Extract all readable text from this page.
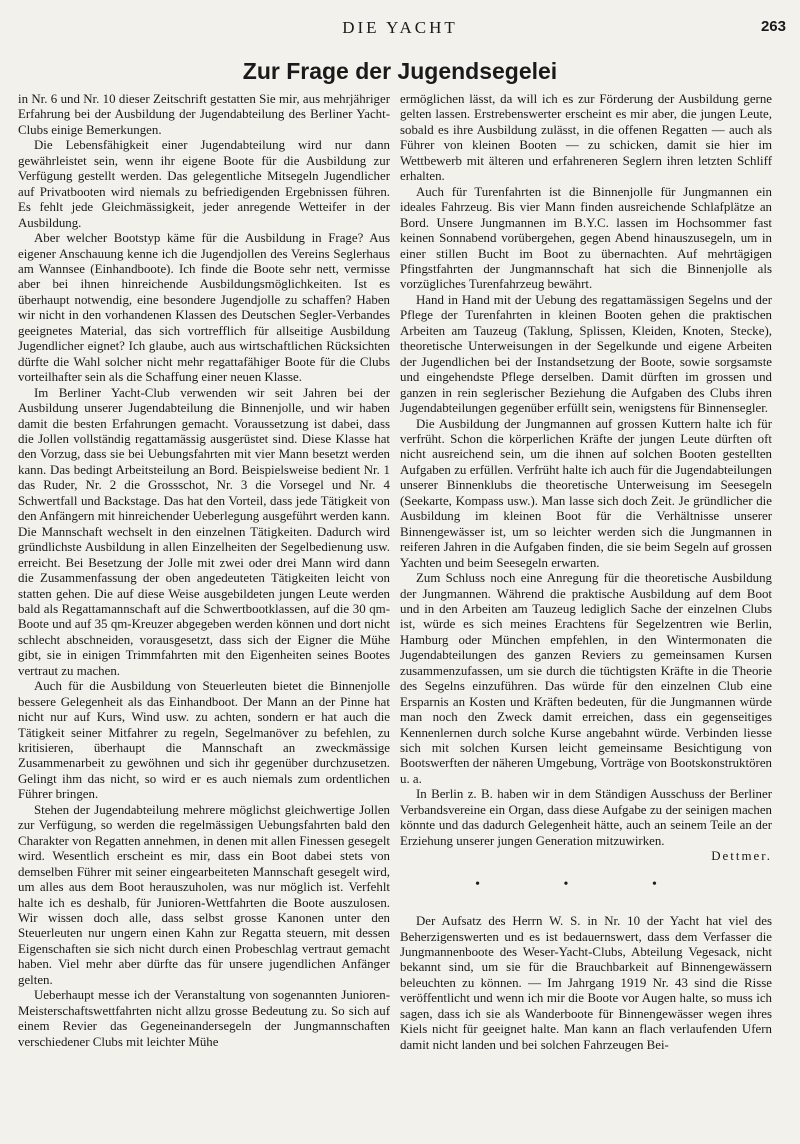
DIE YACHT	263
Zur Frage der Jugendsegelei

in Nr. 6 und Nr. 10 dieser Zeitschrift gestatten Sie mir, aus mehrjähriger Erfahrung bei der Ausbildung der Jugendabteilung des Berliner Yacht-Clubs einige Bemerkungen.

Die Lebensfähigkeit einer Jugendabteilung wird nur dann gewährleistet sein, wenn ihr eigene Boote für die Ausbildung zur Verfügung gestellt werden. Das gelegentliche Mitsegeln Jugendlicher auf Privatbooten wird niemals zu befriedigenden Ergebnissen führen. Es fehlt jede Gleichmässigkeit, jeder anregende Wetteifer in der Ausbildung.

Aber welcher Bootstyp käme für die Ausbildung in Frage? Aus eigener Anschauung kenne ich die Jugendjollen des Vereins Seglerhaus am Wannsee (Einhandboote). Ich finde die Boote sehr nett, vermisse aber bei ihnen hinreichende Ausbildungsmöglichkeiten. Ist es überhaupt notwendig, eine besondere Jugendjolle zu schaffen? Haben wir nicht in den vorhandenen Klassen des Deutschen Segler-Verbandes geeignetes Material, das sich vortrefflich für allseitige Ausbildung Jugendlicher eignet? Ich glaube, auch aus wirtschaftlichen Rücksichten dürfte die Wahl solcher nicht mehr regattafähiger Boote für die Clubs vorteilhafter sein als die Schaffung einer neuen Klasse.

Im Berliner Yacht-Club verwenden wir seit Jahren bei der Ausbildung unserer Jugendabteilung die Binnenjolle, und wir haben damit die besten Erfahrungen gemacht. Voraussetzung ist dabei, dass die Jollen vollständig regattamässig ausgerüstet sind. Diese Klasse hat den Vorzug, dass sie bei Uebungsfahrten mit vier Mann besetzt werden kann. Das bedingt Arbeitsteilung an Bord. Beispielsweise bedient Nr. 1 das Ruder, Nr. 2 die Grossschot, Nr. 3 die Vorsegel und Nr. 4 Schwertfall und Backstage. Das hat den Vorteil, dass jede Tätigkeit von den Anfängern mit hinreichender Ueberlegung ausgeführt werden kann. Die Mannschaft wechselt in den einzelnen Tätigkeiten. Dadurch wird gründlichste Ausbildung in allen Einzelheiten der Segelbedienung usw. erreicht. Bei Besetzung der Jolle mit zwei oder drei Mann wird dann die Zusammenfassung der oben angedeuteten Tätigkeiten leicht von statten gehen. Die auf diese Weise ausgebildeten jungen Leute werden bald als Regattamannschaft auf die Schwertbootklassen, auf die 30 qm-Boote und auf 35 qm-Kreuzer abgegeben werden können und dort nicht schlecht abschneiden, vorausgesetzt, dass sich der Eigner die Mühe gibt, sie in einigen Trimmfahrten mit den Eigenheiten seines Bootes vertraut zu machen.

Auch für die Ausbildung von Steuerleuten bietet die Binnenjolle bessere Gelegenheit als das Einhandboot. Der Mann an der Pinne hat nicht nur auf Kurs, Wind usw. zu achten, sondern er hat auch die Tätigkeit seiner Mitfahrer zu regeln, Segelmanöver zu befehlen, zu kritisieren, überhaupt die Mannschaft an zweckmässige Zusammenarbeit zu gewöhnen und sich ihr gegenüber durchzusetzen. Gelingt ihm das nicht, so wird er es auch niemals zum ordentlichen Führer bringen.

Stehen der Jugendabteilung mehrere möglichst gleichwertige Jollen zur Verfügung, so werden die regelmässigen Uebungsfahrten bald den Charakter von Regatten annehmen, in denen mit allen Finessen gesegelt wird. Wesentlich erscheint es mir, dass ein Boot dabei stets von demselben Führer mit seiner eingearbeiteten Mannschaft gesegelt wird, um alles aus dem Boot herauszuholen, was nur möglich ist. Verfehlt halte ich es deshalb, für Junioren-Wettfahrten die Boote auszulosen. Wir wissen doch alle, dass selbst grosse Kanonen unter den Steuerleuten nur ungern einen Kahn zur Regatta steuern, mit dessen Eigenschaften sie sich nicht durch einen Probeschlag vertraut gemacht haben. Viel mehr aber dürfte das für unsere jugendlichen Anfänger gelten.

Ueberhaupt messe ich der Veranstaltung von sogenannten Junioren-Meisterschaftswettfahrten nicht allzu grosse Bedeutung zu. So sich auf einem Revier das Gegeneinandersegeln der Jungmannschaften verschiedener Clubs mit leichter Mühe

ermöglichen lässt, da will ich es zur Förderung der Ausbildung gerne gelten lassen. Erstrebenswerter erscheint es mir aber, die jungen Leute, sobald es ihre Ausbildung zulässt, in die offenen Regatten — auch als Führer von kleinen Booten — zu schicken, damit sie hier im Wettbewerb mit älteren und erfahreneren Seglern ihren letzten Schliff erhalten.

Auch für Turenfahrten ist die Binnenjolle für Jungmannen ein ideales Fahrzeug. Bis vier Mann finden ausreichende Schlafplätze an Bord. Unsere Jungmannen im B.Y.C. lassen im Hochsommer fast keinen Sonnabend vorübergehen, gegen Abend hinauszusegeln, um in einer stillen Bucht im Boot zu übernachten. Auf mehrtägigen Pfingstfahrten der Jungmannschaft hat sich die Binnenjolle als vorzügliches Turenfahrzeug bewährt.

Hand in Hand mit der Uebung des regattamässigen Segelns und der Pflege der Turenfahrten in kleinen Booten gehen die praktischen Arbeiten am Tauzeug (Taklung, Splissen, Kleiden, Knoten, Stecke), theoretische Unterweisungen in der Segelkunde und eigene Arbeiten der Jugendlichen bei der Instandsetzung der Boote, sowie sorgsamste und eingehendste Pflege derselben. Damit dürften im grossen und ganzen in rein seglerischer Beziehung die Aufgaben des Clubs ihren Jugendabteilungen gegenüber erfüllt sein, wenigstens für Binnensegler.

Die Ausbildung der Jungmannen auf grossen Kuttern halte ich für verfrüht. Schon die körperlichen Kräfte der jungen Leute dürften oft nicht ausreichend sein, um die ihnen auf solchen Booten gestellten Aufgaben zu erfüllen. Verfrüht halte ich auch für die Jugendabteilungen unserer Binnenklubs die theoretische Unterweisung im Seesegeln (Seekarte, Kompass usw.). Man lasse sich doch Zeit. Je gründlicher die Ausbildung im kleinen Boot für die Verhältnisse unserer Binnengewässer ist, um so leichter werden sich die Jungmannen in reiferen Jahren in die Aufgaben finden, die sie beim Segeln auf grossen Yachten und beim Seesegeln erwarten.

Zum Schluss noch eine Anregung für die theoretische Ausbildung der Jungmannen. Während die praktische Ausbildung auf dem Boot und in den Arbeiten am Tauzeug lediglich Sache der einzelnen Clubs ist, würde es sich meines Erachtens für Segelzentren wie Berlin, Hamburg oder München empfehlen, in den Wintermonaten die Jugendabteilungen des ganzen Reviers zu gemeinsamen Kursen zusammenzufassen, um sie durch die tüchtigsten Kräfte in die Theorie des Segelns einzuführen. Das würde für den einzelnen Club eine Ersparnis an Kosten und Kräften bedeuten, für die Jungmannen würde man noch den Zweck damit erreichen, dass ein gegenseitiges Kennenlernen durch solche Kurse angebahnt würde. Verbinden liesse sich mit solchen Kursen leicht gemeinsame Besichtigung von Bootswerften der näheren Umgebung, Vorträge von Bootskonstruktören u. a.

In Berlin z. B. haben wir in dem Ständigen Ausschuss der Berliner Verbandsvereine ein Organ, dass diese Aufgabe zu der seinigen machen könnte und das dadurch Gelegenheit hätte, auch an seinem Teile an der Erziehung unserer jungen Generation mitzuwirken.

Dettmer.
• • •

Der Aufsatz des Herrn W. S. in Nr. 10 der Yacht hat viel des Beherzigenswerten und es ist bedauernswert, dass dem Verfasser die Jungmannenboote des Weser-Yacht-Clubs, Abteilung Vegesack, nicht bekannt sind, um sie für die Brauchbarkeit auf Binnengewässern beleuchten zu können. — Im Jahrgang 1919 Nr. 43 sind die Risse veröffentlicht und wenn ich mir die Boote vor Augen halte, so muss ich sagen, dass ich sie als Wanderboote für Binnengewässer wegen ihres Kiels nicht für geeignet halte. Man kann an flach verlaufenden Ufern damit nicht landen und bei solchen Fahrzeugen Bei-
